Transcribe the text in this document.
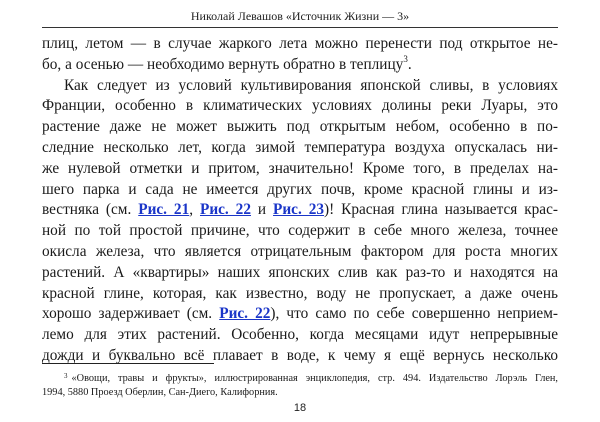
Николай Левашов «Источник Жизни — 3»
плиц, летом — в случае жаркого лета можно перенести под открытое не-
бо, а осенью — необходимо вернуть обратно в теплицу$^3$.
Как следует из условий культивирования японской сливы, в условиях
Франции, особенно в климатических условиях долины реки Луары, это
растение даже не может выжить под открытым небом, особенно в по-
следние несколько лет, когда зимой температура воздуха опускалась ни-
же нулевой отметки и притом, значительно! Кроме того, в пределах на-
шего парка и сада не имеется других почв, кроме красной глины и из-
вестняка (см. Рис. 21, Рис. 22 и Рис. 23)! Красная глина называется крас-
ной по той простой причине, что содержит в себе много железа, точнее
окисла железа, что является отрицательным фактором для роста многих
растений. А «квартиры» наших японских слив как раз-то и находятся на
красной глине, которая, как известно, воду не пропускает, а даже очень
хорошо задерживает (см. Рис. 22), что само по себе совершенно неприем-
лемо для этих растений. Особенно, когда месяцами идут непрерывные
дожди и буквально всё плавает в воде, к чему я ещё вернусь несколько
$^3$ «Овощи, травы и фрукты», иллюстрированная энциклопедия, стр. 494. Издательство Лорэль Глен,
1994, 5880 Проезд Оберлин, Сан-Диего, Калифорния.
18
